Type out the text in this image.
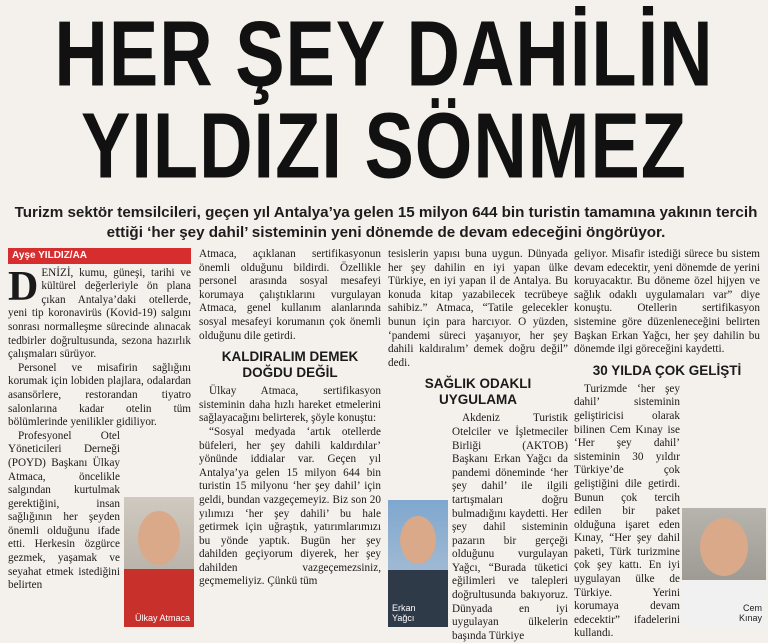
HER ŞEY DAHİLİN
YILDIZI SÖNMEZ
Turizm sektör temsilcileri, geçen yıl Antalya’ya gelen 15 milyon 644 bin turistin tamamına yakının tercih ettiği ‘her şey dahil’ sisteminin yeni dönemde de devam edeceğini öngörüyor.
Ayşe YILDIZ/AA
D ENİZİ, kumu, güneşi, tarihi ve kültürel değerleriyle ön plana çıkan Antalya’daki otellerde, yeni tip koronavirüs (Kovid-19) salgını sonrası normalleşme sürecinde alınacak tedbirler doğrultusunda, sezona hazırlık çalışmaları sürüyor.

Personel ve misafirin sağlığını korumak için lobiden plajlara, odalardan asansörlere, restorandan tiyatro salonlarına kadar otelin tüm bölümlerinde yenilikler gidiliyor.

Profesyonel Otel Yöneticileri Derneği (POYD) Başkanı Ülkay Atmaca, öncelikle salgından kurtulmak gerektiğini, insan sağlığının her şeyden önemli olduğunu ifade etti. Herkesin özgürce gezmek, yaşamak ve seyahat etmek istediğini belirten

Atmaca, açıklanan sertifikasyonun önemli olduğunu bildirdi. Özellikle personel arasında sosyal mesafeyi korumaya çalıştıklarını vurgulayan Atmaca, genel kullanım alanlarında sosyal mesafeyi korumanın çok önemli olduğunu dile getirdi.

KALDIRALIM DEMEK DOĞDU DEĞİL

Ülkay Atmaca, sertifikasyon sisteminin daha hızlı hareket etmelerini sağlayacağını belirterek, şöyle konuştu:

“Sosyal medyada ‘artık otellerde büfeleri, her şey dahili kaldırdılar’ yönünde iddialar var. Geçen yıl Antalya’ya gelen 15 milyon 644 bin turistin 15 milyonu ‘her şey dahil’ için geldi, bundan vazgeçemeyiz. Biz son 20 yılımızı ‘her şey dahili’ bu hale getirmek için uğraştık, yatırımlarımızı bu yönde yaptık. Bugün her şey dahilden geçiyorum diyerek, her şey dahilden vazgeçemezsiniz, geçmemeliyiz. Çünkü tüm

tesislerin yapısı buna uygun. Dünyada her şey dahilin en iyi yapan ülke Türkiye, en iyi yapan il de Antalya. Bu konuda kitap yazabilecek tecrübeye sahibiz.” Atmaca, “Tatile gelecekler bunun için para harcıyor. O yüzden, ‘pandemi süreci yaşanıyor, her şey dahili kaldıralım’ demek doğru değil” dedi.

SAĞLIK ODAKLI UYGULAMA

Akdeniz Turistik Otelciler ve İşletmeciler Birliği (AKTOB) Başkanı Erkan Yağcı da pandemi döneminde ‘her şey dahil’ ile ilgili tartışmaları doğru bulmadığını kaydetti. Her şey dahil sisteminin pazarın bir gerçeği olduğunu vurgulayan Yağcı, “Burada tüketici eğilimleri ve talepleri doğrultusunda bakıyoruz. Dünyada en iyi uygulayan ülkelerin başında Türkiye

geliyor. Misafir istediği sürece bu sistem devam edecektir, yeni dönemde de yerini koruyacaktır. Bu döneme özel hijyen ve sağlık odaklı uygulamaları var” diye konuştu. Otellerin sertifikasyon sistemine göre düzenleneceğini belirten Başkan Erkan Yağcı, her şey dahilin bu dönemde ilgi göreceğini kaydetti.

30 YILDA ÇOK GELİŞTİ

Turizmde ‘her şey dahil’ sisteminin geliştiricisi olarak bilinen Cem Kınay ise ‘Her şey dahil’ sisteminin 30 yıldır Türkiye’de çok geliştiğini dile getirdi. Bunun çok tercih edilen bir paket olduğuna işaret eden Kınay, “Her şey dahil paketi, Türk turizmine çok şey kattı. En iyi uygulayan ülke de Türkiye. Yerini korumaya devam edecektir” ifadelerini kullandı.

Ülkay Atmaca
Erkan Yağcı
Cem Kınay
